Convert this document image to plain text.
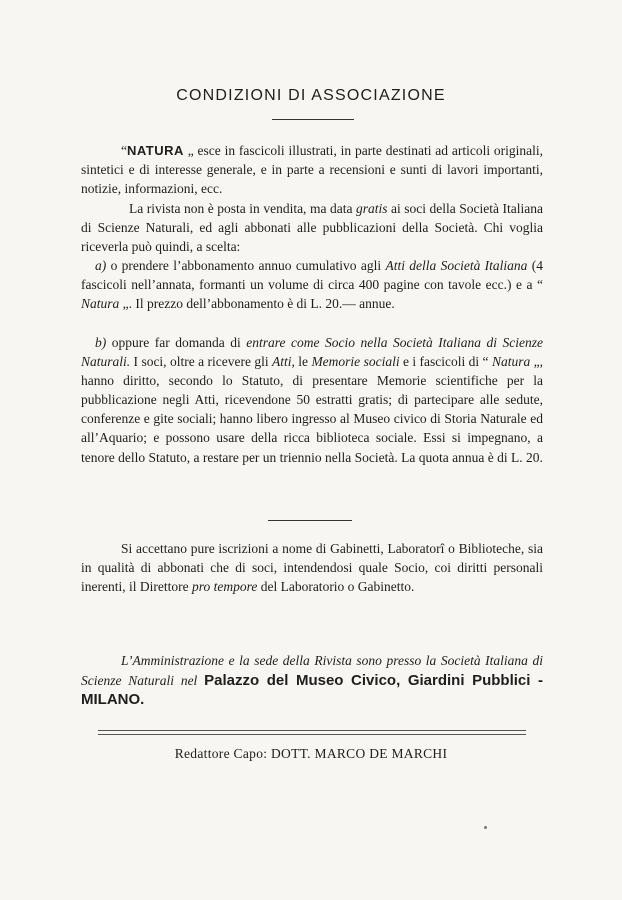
CONDIZIONI DI ASSOCIAZIONE

“NATURA „ esce in fascicoli illustrati, in parte destinati ad articoli originali, sintetici e di interesse generale, e in parte a recensioni e sunti di lavori importanti, notizie, informazioni, ecc.

La rivista non è posta in vendita, ma data gratis ai soci della Società Italiana di Scienze Naturali, ed agli abbonati alle pubblicazioni della Società. Chi voglia riceverla può quindi, a scelta:

a) o prendere l’abbonamento annuo cumulativo agli Atti della Società Italiana (4 fascicoli nell’annata, formanti un volume di circa 400 pagine con tavole ecc.) e a “ Natura „. Il prezzo dell’abbonamento è di L. 20.— annue.

b) oppure far domanda di entrare come Socio nella Società Italiana di Scienze Naturali. I soci, oltre a ricevere gli Atti, le Memorie sociali e i fascicoli di “ Natura „, hanno diritto, secondo lo Statuto, di presentare Memorie scientifiche per la pubblicazione negli Atti, ricevendone 50 estratti gratis; di partecipare alle sedute, conferenze e gite sociali; hanno libero ingresso al Museo civico di Storia Naturale ed all’Aquario; e possono usare della ricca biblioteca sociale. Essi si impegnano, a tenore dello Statuto, a restare per un triennio nella Società. La quota annua è di L. 20.

Si accettano pure iscrizioni a nome di Gabinetti, Laboratorî o Biblioteche, sia in qualità di abbonati che di soci, intendendosi quale Socio, coi diritti personali inerenti, il Direttore pro tempore del Laboratorio o Gabinetto.

L’Amministrazione e la sede della Rivista sono presso la Società Italiana di Scienze Naturali nel Palazzo del Museo Civico, Giardini Pubblici - MILANO.

Redattore Capo: DOTT. MARCO DE MARCHI
